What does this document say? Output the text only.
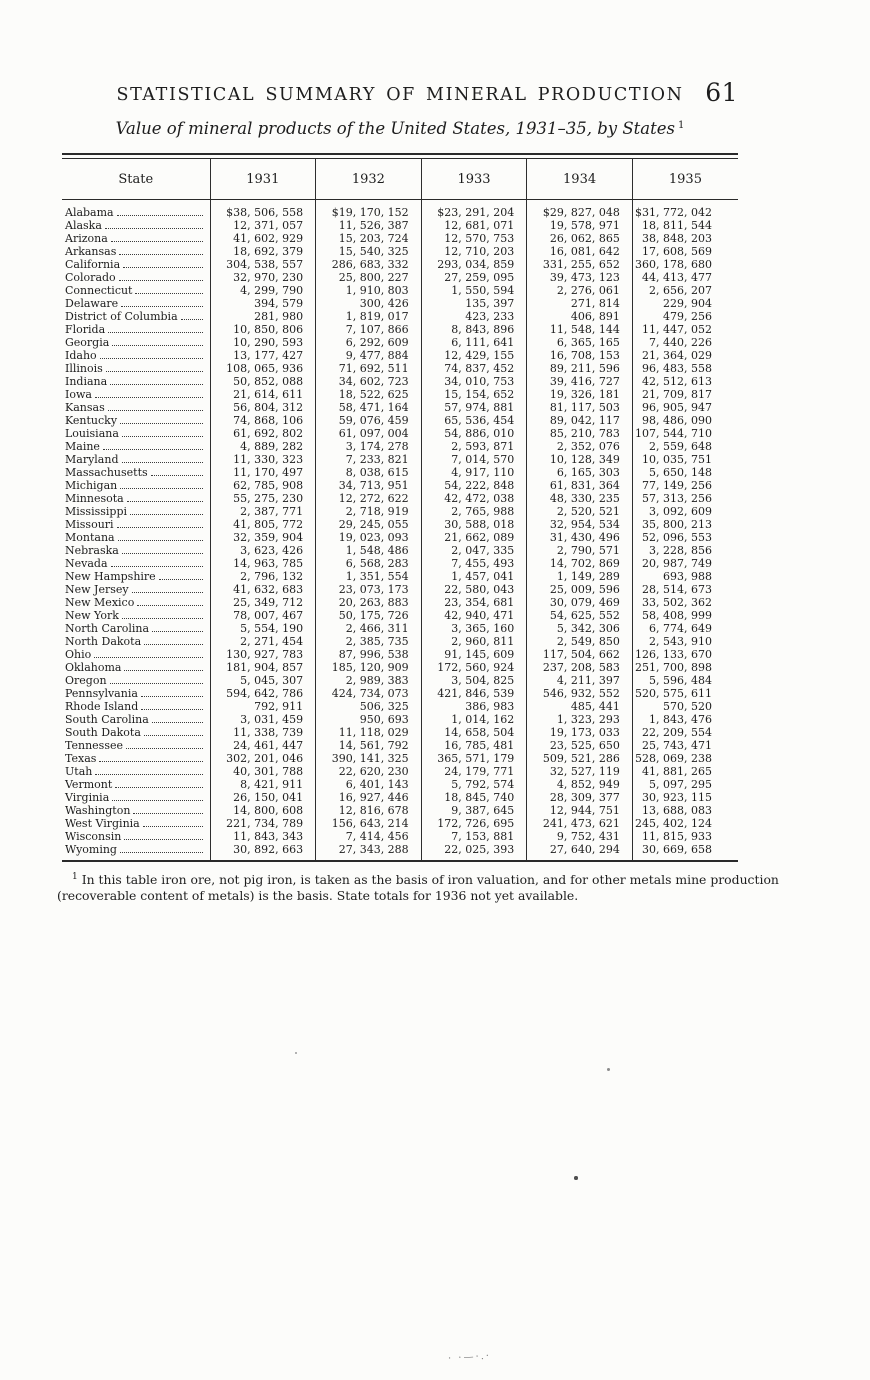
STATISTICAL SUMMARY OF MINERAL PRODUCTION 61
Value of mineral products of the United States, 1931–35, by States $^1$
State	1931	1932	1933	1934	1935

Alabama	$38, 506, 558	$19, 170, 152	$23, 291, 204	$29, 827, 048	$31, 772, 042

Alaska	12, 371, 057	11, 526, 387	12, 681, 071	19, 578, 971	18, 811, 544

Arizona	41, 602, 929	15, 203, 724	12, 570, 753	26, 062, 865	38, 848, 203

Arkansas	18, 692, 379	15, 540, 325	12, 710, 203	16, 081, 642	17, 608, 569

California	304, 538, 557	286, 683, 332	293, 034, 859	331, 255, 652	360, 178, 680

Colorado	32, 970, 230	25, 800, 227	27, 259, 095	39, 473, 123	44, 413, 477

Connecticut	4, 299, 790	1, 910, 803	1, 550, 594	2, 276, 061	2, 656, 207

Delaware	394, 579	300, 426	135, 397	271, 814	229, 904

District of Columbia	281, 980	1, 819, 017	423, 233	406, 891	479, 256

Florida	10, 850, 806	7, 107, 866	8, 843, 896	11, 548, 144	11, 447, 052

Georgia	10, 290, 593	6, 292, 609	6, 111, 641	6, 365, 165	7, 440, 226

Idaho	13, 177, 427	9, 477, 884	12, 429, 155	16, 708, 153	21, 364, 029

Illinois	108, 065, 936	71, 692, 511	74, 837, 452	89, 211, 596	96, 483, 558

Indiana	50, 852, 088	34, 602, 723	34, 010, 753	39, 416, 727	42, 512, 613

Iowa	21, 614, 611	18, 522, 625	15, 154, 652	19, 326, 181	21, 709, 817

Kansas	56, 804, 312	58, 471, 164	57, 974, 881	81, 117, 503	96, 905, 947

Kentucky	74, 868, 106	59, 076, 459	65, 536, 454	89, 042, 117	98, 486, 090

Louisiana	61, 692, 802	61, 097, 004	54, 886, 010	85, 210, 783	107, 544, 710

Maine	4, 889, 282	3, 174, 278	2, 593, 871	2, 352, 076	2, 559, 648

Maryland	11, 330, 323	7, 233, 821	7, 014, 570	10, 128, 349	10, 035, 751

Massachusetts	11, 170, 497	8, 038, 615	4, 917, 110	6, 165, 303	5, 650, 148

Michigan	62, 785, 908	34, 713, 951	54, 222, 848	61, 831, 364	77, 149, 256

Minnesota	55, 275, 230	12, 272, 622	42, 472, 038	48, 330, 235	57, 313, 256

Mississippi	2, 387, 771	2, 718, 919	2, 765, 988	2, 520, 521	3, 092, 609

Missouri	41, 805, 772	29, 245, 055	30, 588, 018	32, 954, 534	35, 800, 213

Montana	32, 359, 904	19, 023, 093	21, 662, 089	31, 430, 496	52, 096, 553

Nebraska	3, 623, 426	1, 548, 486	2, 047, 335	2, 790, 571	3, 228, 856

Nevada	14, 963, 785	6, 568, 283	7, 455, 493	14, 702, 869	20, 987, 749

New Hampshire	2, 796, 132	1, 351, 554	1, 457, 041	1, 149, 289	693, 988

New Jersey	41, 632, 683	23, 073, 173	22, 580, 043	25, 009, 596	28, 514, 673

New Mexico	25, 349, 712	20, 263, 883	23, 354, 681	30, 079, 469	33, 502, 362

New York	78, 007, 467	50, 175, 726	42, 940, 471	54, 625, 552	58, 408, 999

North Carolina	5, 554, 190	2, 466, 311	3, 365, 160	5, 342, 306	6, 774, 649

North Dakota	2, 271, 454	2, 385, 735	2, 960, 811	2, 549, 850	2, 543, 910

Ohio	130, 927, 783	87, 996, 538	91, 145, 609	117, 504, 662	126, 133, 670

Oklahoma	181, 904, 857	185, 120, 909	172, 560, 924	237, 208, 583	251, 700, 898

Oregon	5, 045, 307	2, 989, 383	3, 504, 825	4, 211, 397	5, 596, 484

Pennsylvania	594, 642, 786	424, 734, 073	421, 846, 539	546, 932, 552	520, 575, 611

Rhode Island	792, 911	506, 325	386, 983	485, 441	570, 520

South Carolina	3, 031, 459	950, 693	1, 014, 162	1, 323, 293	1, 843, 476

South Dakota	11, 338, 739	11, 118, 029	14, 658, 504	19, 173, 033	22, 209, 554

Tennessee	24, 461, 447	14, 561, 792	16, 785, 481	23, 525, 650	25, 743, 471

Texas	302, 201, 046	390, 141, 325	365, 571, 179	509, 521, 286	528, 069, 238

Utah	40, 301, 788	22, 620, 230	24, 179, 771	32, 527, 119	41, 881, 265

Vermont	8, 421, 911	6, 401, 143	5, 792, 574	4, 852, 949	5, 097, 295

Virginia	26, 150, 041	16, 927, 446	18, 845, 740	28, 309, 377	30, 923, 115

Washington	14, 800, 608	12, 816, 678	9, 387, 645	12, 944, 751	13, 688, 083

West Virginia	221, 734, 789	156, 643, 214	172, 726, 695	241, 473, 621	245, 402, 124

Wisconsin	11, 843, 343	7, 414, 456	7, 153, 881	9, 752, 431	11, 815, 933

Wyoming	30, 892, 663	27, 343, 288	22, 025, 393	27, 640, 294	30, 669, 658

$^1$ In this table iron ore, not pig iron, is taken as the basis of iron valuation, and for other metals mine production (recoverable content of metals) is the basis. State totals for 1936 not yet available.

· ·—·.·
